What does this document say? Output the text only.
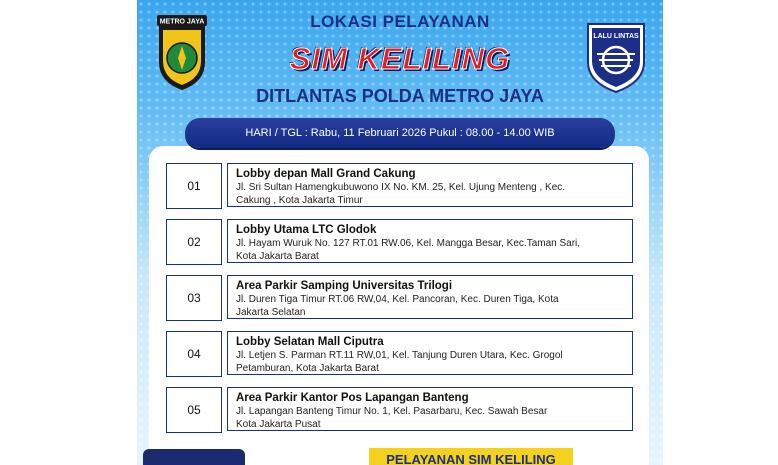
METRO JAYA
LALU LINTAS
LOKASI PELAYANAN
SIM KELILING
DITLANTAS POLDA METRO JAYA
01
Lobby depan Mall Grand Cakung
Jl. Sri Sultan Hamengkubuwono IX No. KM. 25, Kel. Ujung Menteng , Kec.
Cakung , Kota Jakarta Timur
02
Lobby Utama LTC Glodok
Jl. Hayam Wuruk No. 127 RT.01 RW.06, Kel. Mangga Besar, Kec.Taman Sari,
Kota Jakarta Barat
03
Area Parkir Samping Universitas Trilogi
Jl. Duren Tiga Timur RT.06 RW,04, Kel. Pancoran, Kec. Duren Tiga, Kota
Jakarta Selatan
04
Lobby Selatan Mall Ciputra
Jl. Letjen S. Parman RT.11 RW,01, Kel. Tanjung Duren Utara, Kec. Grogol
Petamburan, Kota Jakarta Barat
05
Area Parkir Kantor Pos Lapangan Banteng
Jl. Lapangan Banteng Timur No. 1, Kel. Pasarbaru, Kec. Sawah Besar
Kota Jakarta Pusat
HARI / TGL : Rabu, 11 Februari 2026 Pukul : 08.00 - 14.00 WIB
PELAYANAN SIM KELILING
